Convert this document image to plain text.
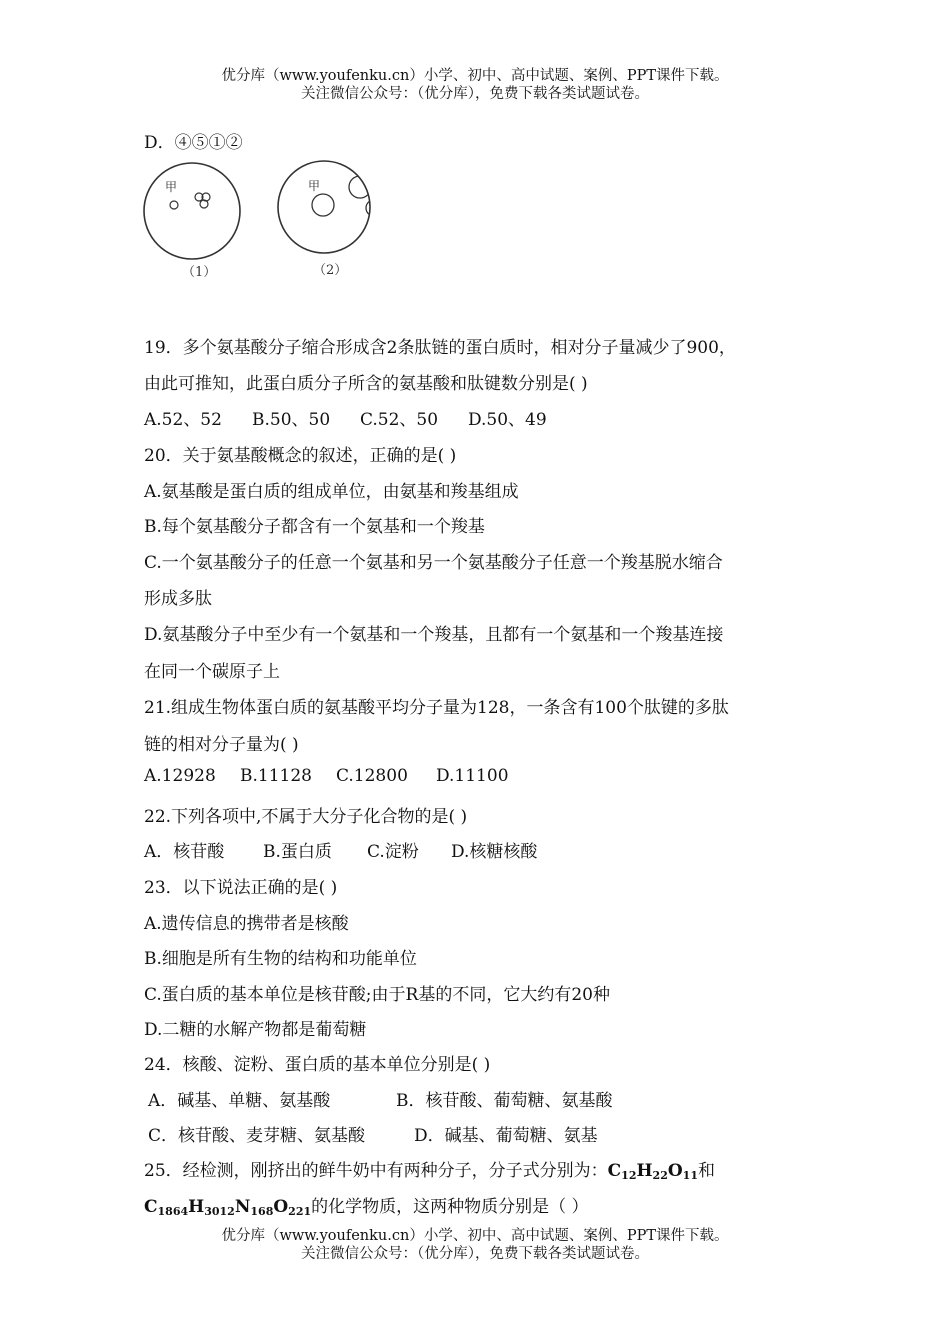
优分库（www.youfenku.cn）小学、初中、高中试题、案例、PPT课件下载。
关注微信公众号：（优分库），免费下载各类试题试卷。
D．④⑤①②
19．多个氨基酸分子缩合形成含2条肽链的蛋白质时，相对分子量减少了900，
由此可推知，此蛋白质分子所含的氨基酸和肽键数分别是( )
A.52、52 B.50、50 C.52、50 D.50、49
20．关于氨基酸概念的叙述，正确的是( )
A.氨基酸是蛋白质的组成单位，由氨基和羧基组成
B.每个氨基酸分子都含有一个氨基和一个羧基
C.一个氨基酸分子的任意一个氨基和另一个氨基酸分子任意一个羧基脱水缩合
形成多肽
D.氨基酸分子中至少有一个氨基和一个羧基，且都有一个氨基和一个羧基连接
在同一个碳原子上
21.组成生物体蛋白质的氨基酸平均分子量为128，一条含有100个肽键的多肽
链的相对分子量为( )
A.12928 B.11128 C.12800 D.11100
22.下列各项中,不属于大分子化合物的是( )
A．核苷酸 B.蛋白质 C.淀粉 D.核糖核酸
23．以下说法正确的是( )
A.遗传信息的携带者是核酸
B.细胞是所有生物的结构和功能单位
C.蛋白质的基本单位是核苷酸;由于R基的不同，它大约有20种
D.二糖的水解产物都是葡萄糖
24．核酸、淀粉、蛋白质的基本单位分别是( )
A．碱基、单糖、氨基酸	B．核苷酸、葡萄糖、氨基酸
C．核苷酸、麦芽糖、氨基酸	D．碱基、葡萄糖、氨基
25．经检测，刚挤出的鲜牛奶中有两种分子，分子式分别为：$C_{12}H_{22}O_{11}$和
$C_{1864}H_{3012}N_{168}O_{221}$的化学物质，这两种物质分别是（ ）
甲
（1）
甲
（2）
优分库（www.youfenku.cn）小学、初中、高中试题、案例、PPT课件下载。
关注微信公众号：（优分库），免费下载各类试题试卷。
